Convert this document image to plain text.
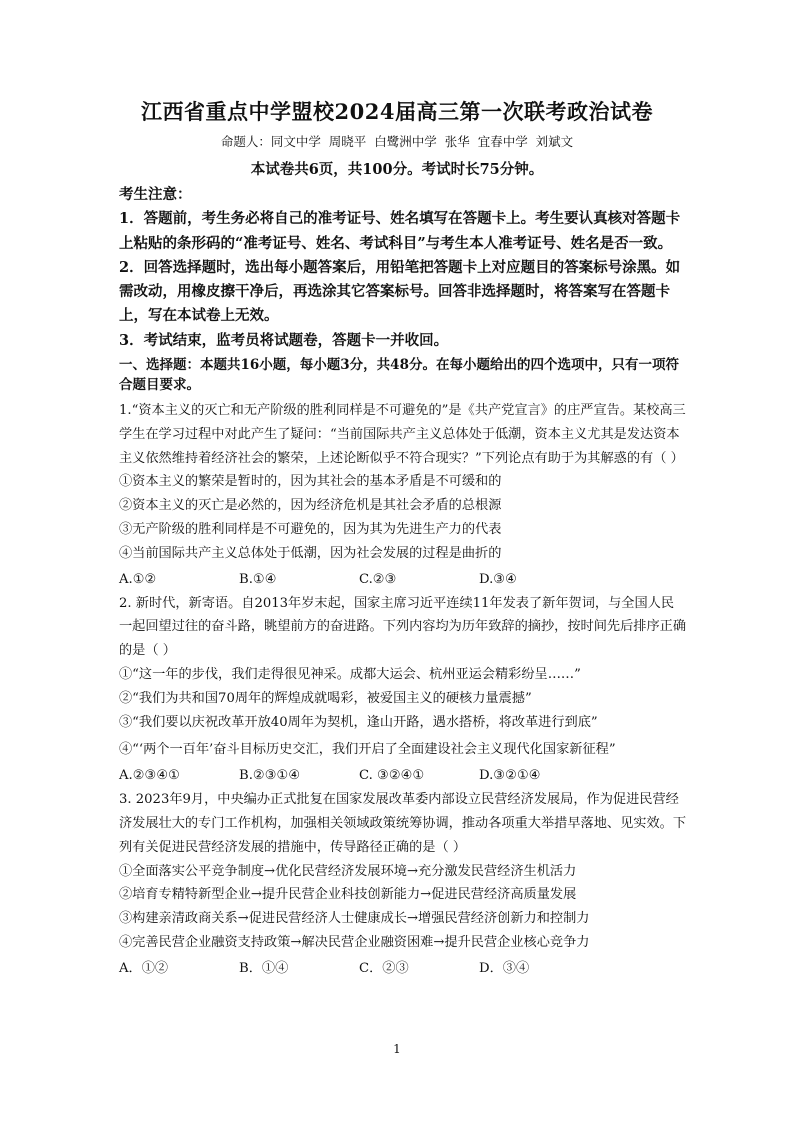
江西省重点中学盟校2024届高三第一次联考政治试卷
命题人：同文中学 周晓平 白鹭洲中学 张华 宜春中学 刘斌文
本试卷共6页，共100分。考试时长75分钟。

考生注意：

1．答题前，考生务必将自己的准考证号、姓名填写在答题卡上。考生要认真核对答题卡上粘贴的条形码的“准考证号、姓名、考试科目”与考生本人准考证号、姓名是否一致。

2．回答选择题时，选出每小题答案后，用铅笔把答题卡上对应题目的答案标号涂黑。如需改动，用橡皮擦干净后，再选涂其它答案标号。回答非选择题时，将答案写在答题卡上，写在本试卷上无效。

3．考试结束，监考员将试题卷，答题卡一并收回。

一、选择题：本题共16小题，每小题3分，共48分。在每小题给出的四个选项中，只有一项符合题目要求。

1.“资本主义的灭亡和无产阶级的胜利同样是不可避免的”是《共产党宣言》的庄严宣告。某校高三学生在学习过程中对此产生了疑问：“当前国际共产主义总体处于低潮，资本主义尤其是发达资本主义依然维持着经济社会的繁荣，上述论断似乎不符合现实？”下列论点有助于为其解惑的有（ ）

①资本主义的繁荣是暂时的，因为其社会的基本矛盾是不可缓和的

②资本主义的灭亡是必然的，因为经济危机是其社会矛盾的总根源

③无产阶级的胜利同样是不可避免的，因为其为先进生产力的代表

④当前国际共产主义总体处于低潮，因为社会发展的过程是曲折的

A.①②	B.①④	C.②③	D.③④

2. 新时代，新寄语。自2013年岁末起，国家主席习近平连续11年发表了新年贺词，与全国人民一起回望过往的奋斗路，眺望前方的奋进路。下列内容均为历年致辞的摘抄，按时间先后排序正确的是（ ）

①“这一年的步伐，我们走得很见神采。成都大运会、杭州亚运会精彩纷呈……”

②“我们为共和国70周年的辉煌成就喝彩，被爱国主义的硬核力量震撼”

③“我们要以庆祝改革开放40周年为契机，逢山开路，遇水搭桥，将改革进行到底”

④“‘两个一百年’奋斗目标历史交汇，我们开启了全面建设社会主义现代化国家新征程”

A.②③④①	B.②③①④	C. ③②④①	D.③②①④

3. 2023年9月，中央编办正式批复在国家发展改革委内部设立民营经济发展局，作为促进民营经济发展壮大的专门工作机构，加强相关领域政策统筹协调，推动各项重大举措早落地、见实效。下列有关促进民营经济发展的措施中，传导路径正确的是（ ）

①全面落实公平竞争制度→优化民营经济发展环境→充分激发民营经济生机活力

②培育专精特新型企业→提升民营企业科技创新能力→促进民营经济高质量发展

③构建亲清政商关系→促进民营经济人士健康成长→增强民营经济创新力和控制力

④完善民营企业融资支持政策→解决民营企业融资困难→提升民营企业核心竞争力

A．①②	B．①④	C．②③	D．③④
1
